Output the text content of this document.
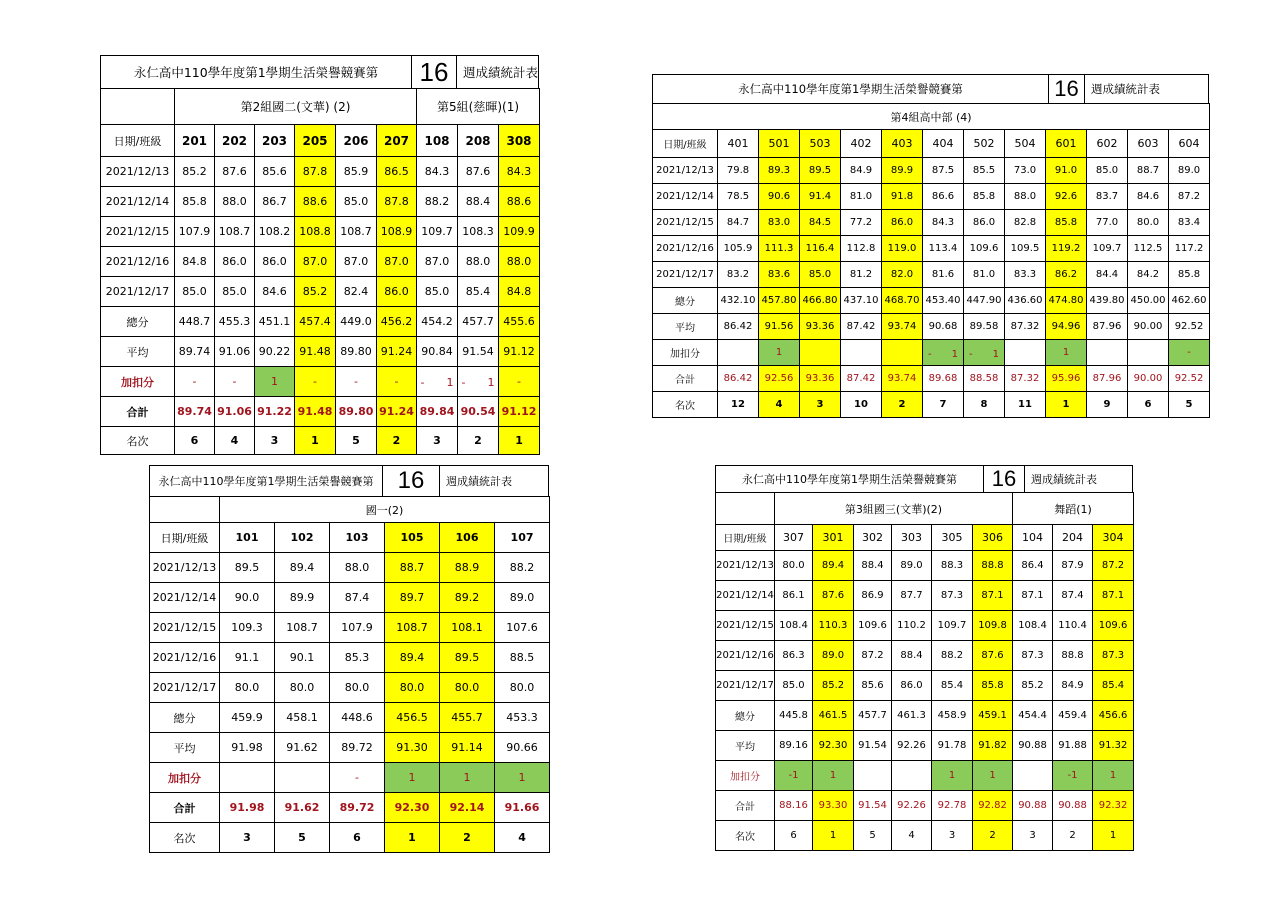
永仁高中110學年度第1學期生活榮譽競賽第	16	週成績統計表
	第2組國二(文華) (2)						第5組(慈暉)(1)		
日期/班級	201	202	203	205	206	207	108	208	308
2021/12/13	85.2	87.6	85.6	87.8	85.9	86.5	84.3	87.6	84.3
2021/12/14	85.8	88.0	86.7	88.6	85.0	87.8	88.2	88.4	88.6
2021/12/15	107.9	108.7	108.2	108.8	108.7	108.9	109.7	108.3	109.9
2021/12/16	84.8	86.0	86.0	87.0	87.0	87.0	87.0	88.0	88.0
2021/12/17	85.0	85.0	84.6	85.2	82.4	86.0	85.0	85.4	84.8
總分	448.7	455.3	451.1	457.4	449.0	456.2	454.2	457.7	455.6
平均	89.74	91.06	90.22	91.48	89.80	91.24	90.84	91.54	91.12
加扣分	-	-	1	-	-	-	-　　1	-　　1	-
合計	89.74	91.06	91.22	91.48	89.80	91.24	89.84	90.54	91.12
名次	6	4	3	1	5	2	3	2	1
永仁高中110學年度第1學期生活榮譽競賽第	16	週成績統計表
第4組高中部 (4)												
日期/班級	401	501	503	402	403	404	502	504	601	602	603	604
2021/12/13	79.8	89.3	89.5	84.9	89.9	87.5	85.5	73.0	91.0	85.0	88.7	89.0
2021/12/14	78.5	90.6	91.4	81.0	91.8	86.6	85.8	88.0	92.6	83.7	84.6	87.2
2021/12/15	84.7	83.0	84.5	77.2	86.0	84.3	86.0	82.8	85.8	77.0	80.0	83.4
2021/12/16	105.9	111.3	116.4	112.8	119.0	113.4	109.6	109.5	119.2	109.7	112.5	117.2
2021/12/17	83.2	83.6	85.0	81.2	82.0	81.6	81.0	83.3	86.2	84.4	84.2	85.8
總分	432.10	457.80	466.80	437.10	468.70	453.40	447.90	436.60	474.80	439.80	450.00	462.60
平均	86.42	91.56	93.36	87.42	93.74	90.68	89.58	87.32	94.96	87.96	90.00	92.52
加扣分		1				-　　1	-　　1		1			-
合計	86.42	92.56	93.36	87.42	93.74	89.68	88.58	87.32	95.96	87.96	90.00	92.52
名次	12	4	3	10	2	7	8	11	1	9	6	5
永仁高中110學年度第1學期生活榮譽競賽第	16	週成績統計表
	國一(2)					
日期/班級	101	102	103	105	106	107
2021/12/13	89.5	89.4	88.0	88.7	88.9	88.2
2021/12/14	90.0	89.9	87.4	89.7	89.2	89.0
2021/12/15	109.3	108.7	107.9	108.7	108.1	107.6
2021/12/16	91.1	90.1	85.3	89.4	89.5	88.5
2021/12/17	80.0	80.0	80.0	80.0	80.0	80.0
總分	459.9	458.1	448.6	456.5	455.7	453.3
平均	91.98	91.62	89.72	91.30	91.14	90.66
加扣分			-	1	1	1
合計	91.98	91.62	89.72	92.30	92.14	91.66
名次	3	5	6	1	2	4
永仁高中110學年度第1學期生活榮譽競賽第	16	週成績統計表
	第3組國三(文華)(2)						舞蹈(1)		
日期/班級	307	301	302	303	305	306	104	204	304
2021/12/13	80.0	89.4	88.4	89.0	88.3	88.8	86.4	87.9	87.2
2021/12/14	86.1	87.6	86.9	87.7	87.3	87.1	87.1	87.4	87.1
2021/12/15	108.4	110.3	109.6	110.2	109.7	109.8	108.4	110.4	109.6
2021/12/16	86.3	89.0	87.2	88.4	88.2	87.6	87.3	88.8	87.3
2021/12/17	85.0	85.2	85.6	86.0	85.4	85.8	85.2	84.9	85.4
總分	445.8	461.5	457.7	461.3	458.9	459.1	454.4	459.4	456.6
平均	89.16	92.30	91.54	92.26	91.78	91.82	90.88	91.88	91.32
加扣分	-1	1			1	1		-1	1
合計	88.16	93.30	91.54	92.26	92.78	92.82	90.88	90.88	92.32
名次	6	1	5	4	3	2	3	2	1
